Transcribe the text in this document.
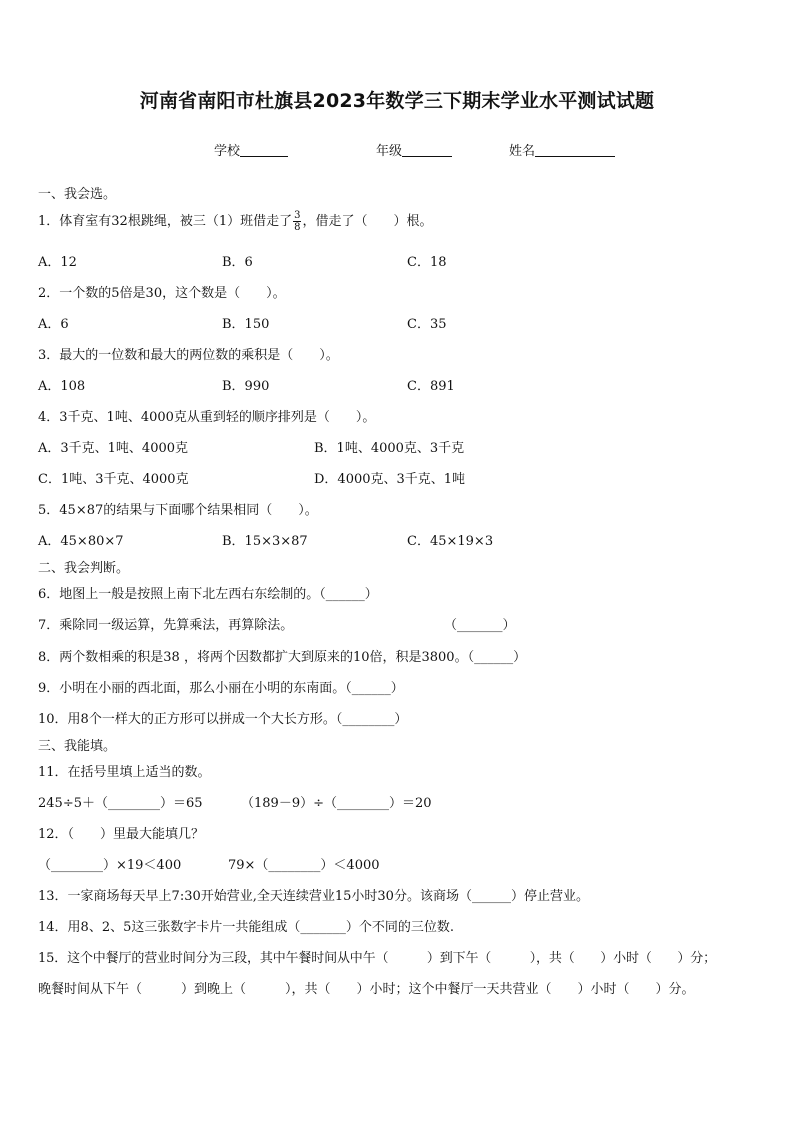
河南省南阳市杜旗县2023年数学三下期末学业水平测试试题
学校	年级	姓名
一、我会选。
1．体育室有32根跳绳，被三（1）班借走了 $\frac{3}{8}$ ，借走了（　　）根。
A．12	B．6	C．18
2．一个数的5倍是30，这个数是（　　）。
A．6	B．150	C．35
3．最大的一位数和最大的两位数的乘积是（　　）。
A．108	B．990	C．891
4．3千克、1吨、4000克从重到轻的顺序排列是（　　）。
A．3千克、1吨、4000克	B．1吨、4000克、3千克
C．1吨、3千克、4000克	D．4000克、3千克、1吨
5．45×87的结果与下面哪个结果相同（　　）。
A．45×80×7	B．15×3×87	C．45×19×3
二、我会判断。
6．地图上一般是按照上南下北左西右东绘制的。（______）
7．乘除同一级运算，先算乘法，再算除法。	（_______）
8．两个数相乘的积是38 ，将两个因数都扩大到原来的10倍，积是3800。（______）
9．小明在小丽的西北面，那么小丽在小明的东南面。（______）
10．用8个一样大的正方形可以拼成一个大长方形。（________）
三、我能填。
11．在括号里填上适当的数。
245÷5＋（________）＝65	（189－9）÷（________）＝20
12．（　　）里最大能填几？
（________）×19＜400	79×（________）＜4000
13．一家商场每天早上7:30开始营业,全天连续营业15小时30分。该商场（______）停止营业。
14．用8、2、5这三张数字卡片一共能组成（_______）个不同的三位数.
15．这个中餐厅的营业时间分为三段，其中午餐时间从中午（　　　）到下午（　　　），共（　　）小时（　　）分；
晚餐时间从下午（　　　）到晚上（　　　），共（　　）小时；这个中餐厅一天共营业（　　）小时（　　）分。
